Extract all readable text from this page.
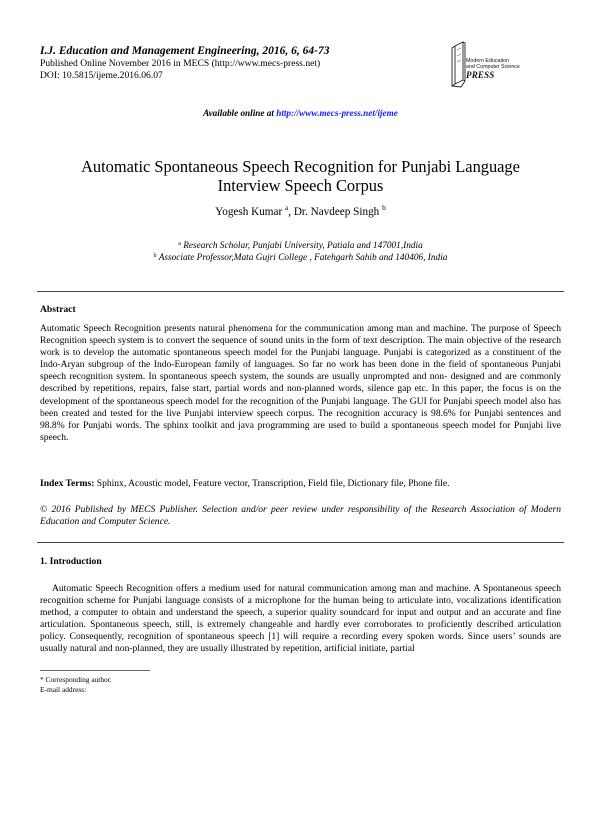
I.J. Education and Management Engineering, 2016, 6, 64-73
Published Online November 2016 in MECS (http://www.mecs-press.net)
DOI: 10.5815/ijeme.2016.06.07
Modern Education
and Computer Science
PRESS
Available online at http://www.mecs-press.net/ijeme
Automatic Spontaneous Speech Recognition for Punjabi Language
Interview Speech Corpus
Yogesh Kumar $^a$, Dr. Navdeep Singh $^b$
$^a$ Research Scholar, Punjabi University, Patiala and 147001,India
$^b$ Associate Professor,Mata Gujri College , Fatehgarh Sahib and 140406, India
Abstract
Automatic Speech Recognition presents natural phenomena for the communication among man and machine. The purpose of Speech Recognition speech system is to convert the sequence of sound units in the form of text description. The main objective of the research work is to develop the automatic spontaneous speech model for the Punjabi language. Punjabi is categorized as a constituent of the Indo-Aryan subgroup of the Indo-European family of languages. So far no work has been done in the field of spontaneous Punjabi speech recognition system. In spontaneous speech system, the sounds are usually unprompted and non- designed and are commonly described by repetitions, repairs, false start, partial words and non-planned words, silence gap etc. In this paper, the focus is on the development of the spontaneous speech model for the recognition of the Punjabi language. The GUI for Punjabi speech model also has been created and tested for the live Punjabi interview speech corpus. The recognition accuracy is 98.6% for Punjabi sentences and 98.8% for Punjabi words. The sphinx toolkit and java programming are used to build a spontaneous speech model for Punjabi live speech.
Index Terms: Sphinx, Acoustic model, Feature vector, Transcription, Field file, Dictionary file, Phone file.
© 2016 Published by MECS Publisher. Selection and/or peer review under responsibility of the Research Association of Modern Education and Computer Science.
1. Introduction
Automatic Speech Recognition offers a medium used for natural communication among man and machine. A Spontaneous speech recognition scheme for Punjabi language consists of a microphone for the human being to articulate into, vocalizations identification method, a computer to obtain and understand the speech, a superior quality soundcard for input and output and an accurate and fine articulation. Spontaneous speech, still, is extremely changeable and hardly ever corroborates to proficiently described articulation policy. Consequently, recognition of spontaneous speech [1] will require a recording every spoken words. Since users’ sounds are usually natural and non-planned, they are usually illustrated by repetition, artificial initiate, partial
* Corresponding author.
E-mail address:
